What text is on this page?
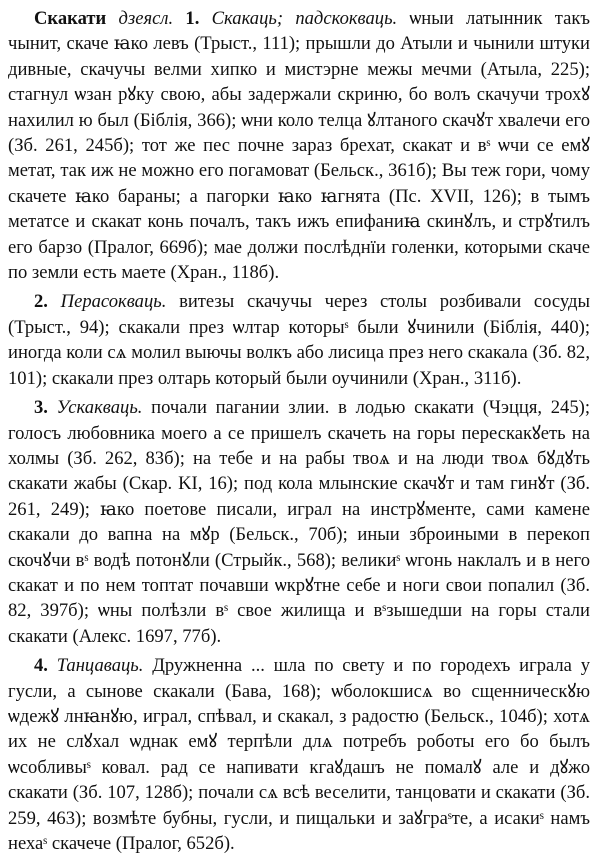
Скакати дзеясл. 1. Скакаць; падскокваць. ѡныи латынник такъ чынит, скаче ꙗко левъ (Трыст., 111); прышли до Атыли и чынили штуки дивные, скачучы велми хипко и мистэрне межы мечми (Атыла, 225); стагнул ѡзан рꙋку свою, абы задержали скриню, бо волъ скачучи трохꙋ нахилил ю был (Біблія, 366); ѡни коло телца ꙋлтаного скачꙋт хвалечи его (Зб. 261, 245б); тот же пес почне зараз брехат, скакат и вˢ ѡчи се емꙋ метат, так иж не можно его погамоват (Бельск., 361б); Вы теж гори, чому скачете ꙗко бараны; а пагорки ꙗко ꙗгнята (Пс. XVII, 126); в тымъ метатсе и скакат конь почалъ, такъ ижъ епифаниꙗ скинꙋлъ, и стрꙋтилъ его барзо (Пралог, 669б); мае должи послѣднїи голенки, которыми скаче по земли есть маете (Хран., 118б).

2. Перасокваць. витезы скачучы через столы розбивали сосуды (Трыст., 94); скакали през ѡлтар которыˢ были ꙋчинили (Біблія, 440); иногда коли сѧ молил выючы волкъ або лисица през него скакала (Зб. 82, 101); скакали през олтарь который были оучинили (Хран., 311б).

3. Ускакваць. почали пагании злии. в лодью скакати (Чэцця, 245); голосъ любовника моего а се пришелъ скачеть на горы перескакꙋеть на холмы (Зб. 262, 83б); на тебе и на рабы твоѧ и на люди твоѧ бꙋдꙋть скакати жабы (Скар. KI, 16); под кола млынские скачꙋт и там гинꙋт (Зб. 261, 249); ꙗко поетове писали, играл на инстрꙋменте, сами камене скакали до вапна на мꙋр (Бельск., 70б); иныи зброиными в перекоп скочꙋчи вˢ водѣ потонꙋли (Стрыйк., 568); великиˢ ѡгонь наклалъ и в него скакат и по нем топтат почавши ѡкрꙋтне себе и ноги свои попалил (Зб. 82, 397б); ѡны полѣзли вˢ свое жилища и вˢзышедши на горы стали скакати (Алекс. 1697, 77б).

4. Танцаваць. Дружненна ... шла по свету и по городехъ играла у гусли, а сынове скакали (Бава, 168); ѡболокшисѧ во сщенническꙋю ѡдежꙋ лнꙗнꙋю, играл, спѣвал, и скакал, з радостю (Бельск., 104б); хотѧ их не слꙋхал ѡднак емꙋ терпѣли длѧ потребъ роботы его бо былъ ѡсобливыˢ ковал. рад се напивати кгаꙋдашъ не помалꙋ але и дꙋжо скакати (Зб. 107, 128б); почали сѧ всѣ веселити, танцовати и скакати (Зб. 259, 463); возмѣте бубны, гусли, и пищальки и заꙋграˢте, а исакиˢ намъ нехаˢ скачече (Пралог, 652б).
